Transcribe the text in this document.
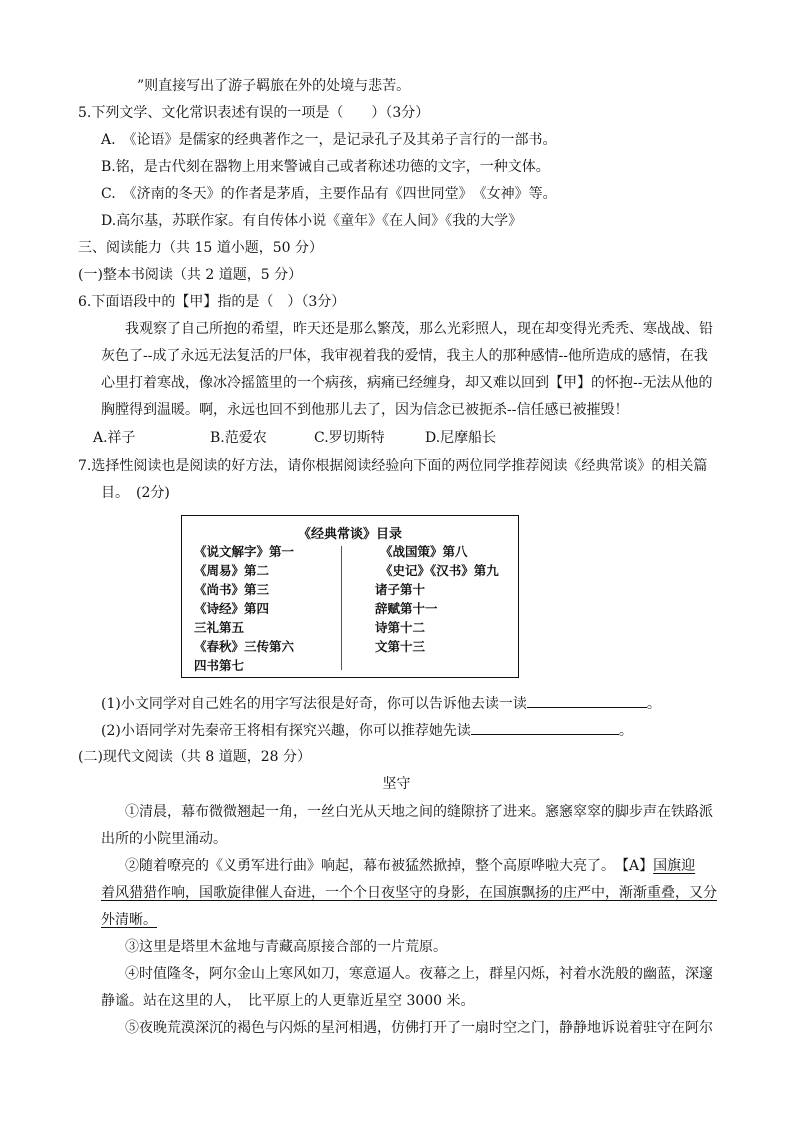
”则直接写出了游子羁旅在外的处境与悲苦。
5.下列文学、文化常识表述有误的一项是（　　）（3分）
A.　《论语》是儒家的经典著作之一，是记录孔子及其弟子言行的一部书。
B.铭，是古代刻在器物上用来警诫自己或者称述功德的文字，一种文体。
C.　《济南的冬天》的作者是茅盾，主要作品有《四世同堂》　《女神》等。
D.高尔基，苏联作家。有自传体小说《童年》《在人间》《我的大学》
三、阅读能力（共 15 道小题，50 分）
(一)整本书阅读（共 2 道题，5 分）
6.下面语段中的【甲】指的是（　）（3分）
我观察了自己所抱的希望，昨天还是那么繁茂，那么光彩照人，现在却变得光秃秃、寒战战、铅
灰色了--成了永远无法复活的尸体，我审视着我的爱情，我主人的那种感情--他所造成的感情，在我
心里打着寒战，像冰冷摇篮里的一个病孩，病痛已经缠身，却又难以回到【甲】的怀抱--无法从他的
胸膛得到温暖。啊，永远也回不到他那儿去了，因为信念已被扼杀--信任感已被摧毁！
A.祥子	B.范爱农	C.罗切斯特	D.尼摩船长
7.选择性阅读也是阅读的好方法，请你根据阅读经验向下面的两位同学推荐阅读《经典常谈》的相关篇
目。　(2分)
《经典常谈》目录
《说文解字》第一
《周易》第二
《尚书》第三
《诗经》第四
三礼第五
《春秋》三传第六
四书第七
《战国策》第八
《史记》《汉书》第九
诸子第十
辞赋第十一
诗第十二
文第十三
(1)小文同学对自己姓名的用字写法很是好奇，你可以告诉他去读一读	。
(2)小语同学对先秦帝王将相有探究兴趣，你可以推荐她先读	。
(二)现代文阅读（共 8 道题，28 分）
坚守
①清晨，幕布微微翘起一角，一丝白光从天地之间的缝隙挤了进来。窸窸窣窣的脚步声在铁路派
出所的小院里涌动。
②随着嘹亮的《义勇军进行曲》响起，幕布被猛然掀掉，整个高原哗啦大亮了。　【A】国旗迎
着风猎猎作响，国歌旋律催人奋进，一个个日夜坚守的身影，在国旗飘扬的庄严中，渐渐重叠，又分
外清晰。
③这里是塔里木盆地与青藏高原接合部的一片荒原。
④时值隆冬，阿尔金山上寒风如刀，寒意逼人。夜幕之上，群星闪烁，衬着水洗般的幽蓝，深邃
静谧。站在这里的人，　比平原上的人更靠近星空 3000 米。
⑤夜晚荒漠深沉的褐色与闪烁的星河相遇，仿佛打开了一扇时空之门，静静地诉说着驻守在阿尔
